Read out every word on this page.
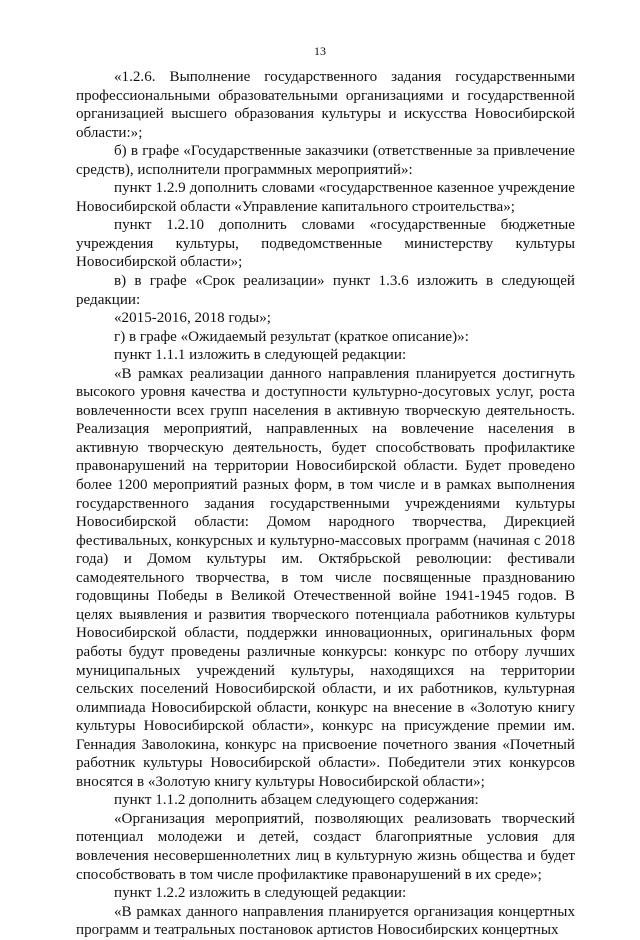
13

«1.2.6. Выполнение государственного задания государственными профессиональными образовательными организациями и государственной организацией высшего образования культуры и искусства Новосибирской области:»;

б) в графе «Государственные заказчики (ответственные за привлечение средств), исполнители программных мероприятий»:

пункт 1.2.9 дополнить словами «государственное казенное учреждение Новосибирской области «Управление капитального строительства»;

пункт 1.2.10 дополнить словами «государственные бюджетные учреждения культуры, подведомственные министерству культуры Новосибирской области»;

в) в графе «Срок реализации» пункт 1.3.6 изложить в следующей редакции:

«2015-2016, 2018 годы»;

г) в графе «Ожидаемый результат (краткое описание)»:

пункт 1.1.1 изложить в следующей редакции:

«В рамках реализации данного направления планируется достигнуть высокого уровня качества и доступности культурно-досуговых услуг, роста вовлеченности всех групп населения в активную творческую деятельность. Реализация мероприятий, направленных на вовлечение населения в активную творческую деятельность, будет способствовать профилактике правонарушений на территории Новосибирской области. Будет проведено более 1200 мероприятий разных форм, в том числе и в рамках выполнения государственного задания государственными учреждениями культуры Новосибирской области: Домом народного творчества, Дирекцией фестивальных, конкурсных и культурно-массовых программ (начиная с 2018 года) и Домом культуры им. Октябрьской революции: фестивали самодеятельного творчества, в том числе посвященные празднованию годовщины Победы в Великой Отечественной войне 1941-1945 годов. В целях выявления и развития творческого потенциала работников культуры Новосибирской области, поддержки инновационных, оригинальных форм работы будут проведены различные конкурсы: конкурс по отбору лучших муниципальных учреждений культуры, находящихся на территории сельских поселений Новосибирской области, и их работников, культурная олимпиада Новосибирской области, конкурс на внесение в «Золотую книгу культуры Новосибирской области», конкурс на присуждение премии им. Геннадия Заволокина, конкурс на присвоение почетного звания «Почетный работник культуры Новосибирской области». Победители этих конкурсов вносятся в «Золотую книгу культуры Новосибирской области»;

пункт 1.1.2 дополнить абзацем следующего содержания:

«Организация мероприятий, позволяющих реализовать творческий потенциал молодежи и детей, создаст благоприятные условия для вовлечения несовершеннолетних лиц в культурную жизнь общества и будет способствовать в том числе профилактике правонарушений в их среде»;

пункт 1.2.2 изложить в следующей редакции:

«В рамках данного направления планируется организация концертных программ и театральных постановок артистов Новосибирских концертных
